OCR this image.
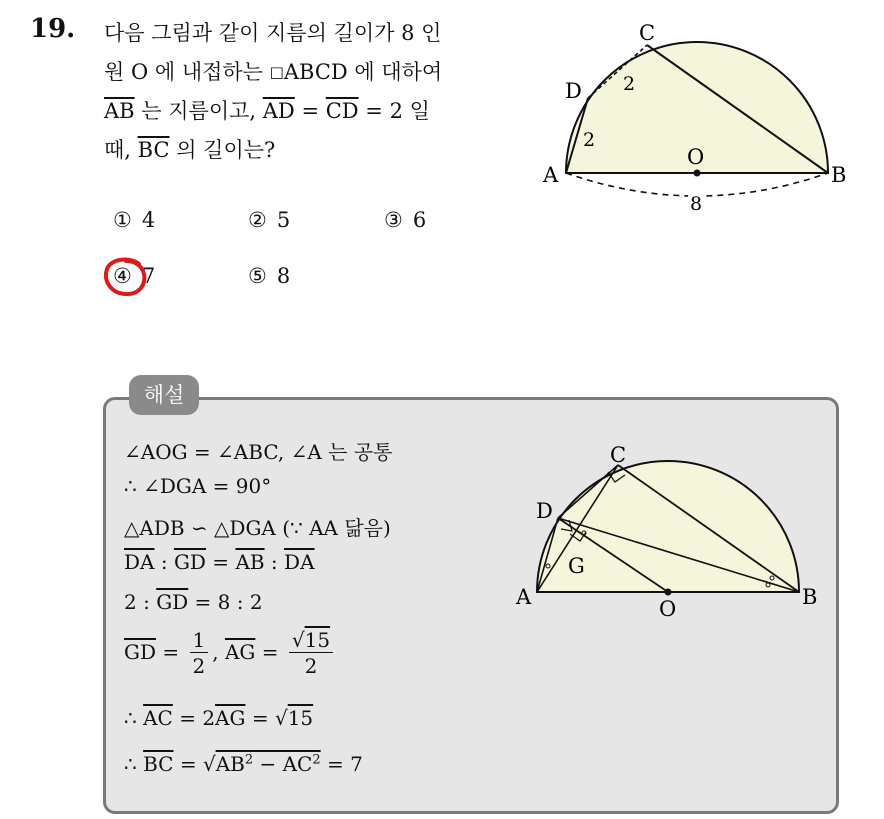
19. 다음 그림과 같이 지름의 길이가 8 인
원 O 에 내접하는 □ABCD 에 대하여
$\overline{AB}$ 는 지름이고, $\overline{AD} = \overline{CD} = 2$ 일
때, $\overline{BC}$ 의 길이는?
A	B
C
D
O
2
2
8
① 4	② 5	③ 6
④ 7	⑤ 8
해설
∠AOG = ∠ABC, ∠A 는 공통
∴ ∠DGA = 90°
△ADB ∽ △DGA (∵ AA 닮음)
$\overline{DA}$ : $\overline{GD} = \overline{AB}$ : $\overline{DA}$
2 : $\overline{GD} = 8$ : 2
$\overline{GD} = \frac{1}{2}$ , $\overline{AG} = \frac{√15}{2}$
∴ $\overline{AC} = 2\overline{AG} = √15$
∴ $\overline{BC} = √AB^2 - AC^2 = 7$
A	B
C
D
G
O
